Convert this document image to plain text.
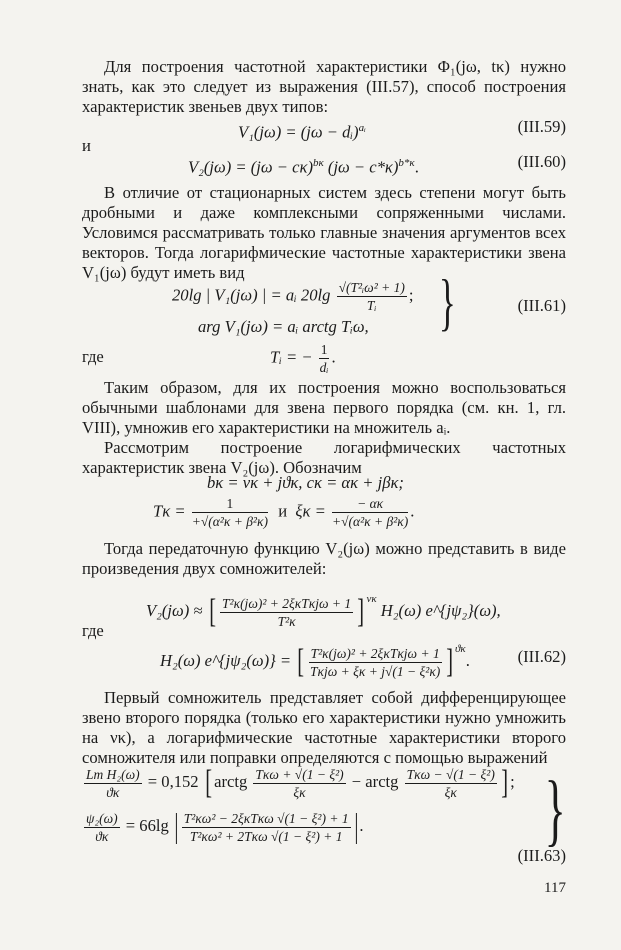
Для построения частотной характеристики Φ₁(jω, tκ) нужно знать, как это следует из выражения (III.57), способ построения характеристик звеньев двух типов:

V₁(jω) = (jω − dᵢ)$^{aᵢ}$	(III.59)
и
$V_2(j\omega) = (j\omega - c\kappa)^{b\kappa}$ $(j\omega - c*\kappa)^{b*\kappa}$.	(III.60)

В отличие от стационарных систем здесь степени могут быть дробными и даже комплексными сопряженными числами. Условимся рассматривать только главные значения аргументов всех векторов. Тогда логарифмические частотные характеристики звена V₁(jω) будут иметь вид

20lg | V₁(jω) | = aᵢ $20\lg \frac{\text{√(T²ᵢω² + 1)}}{\text{Tᵢ}}$ ;
arg V₁(jω) = aᵢ arctg Tᵢω, }	(III.61)
где	Tᵢ = − $\frac{1}{\text{dᵢ}}$ .

Таким образом, для их построения можно воспользоваться обычными шаблонами для звена первого порядка (см. кн. 1, гл. VIII), умножив его характеристики на множитель aᵢ.

Рассмотрим построение логарифмических частотных характеристик звена V₂(jω). Обозначим

bκ = νκ + jϑκ, cκ = ακ + jβκ;
$T\kappa = \frac{1}{\text{+√(α²κ + β²κ)}}$ и $\xi\kappa = \frac{- \alpha\kappa}{\text{+√(α²κ + β²κ)}}$ .

Тогда передаточную функцию V₂(jω) можно представить в виде произведения двух сомножителей:

V₂(jω) ≈ [ $\frac{\text{T²κ(jω)² + 2ξκTκjω + 1}}{\text{T²κ}}$ ] $^{\nu\kappa}$ H₂(ω) e^{jψ₂}(ω),
где
H₂(ω) e^{jψ₂(ω)} = [ $\frac{\text{T²κ(jω)² + 2ξκTκjω + 1}}{\text{Tκjω + ξκ + j√(1 − ξ²κ)}}$ ] $^{ϑ\kappa}$.	(III.62)

Первый сомножитель представляет собой дифференцирующее звено второго порядка (только его характеристики нужно умножить на νκ), а логарифмические частотные характеристики второго сомножителя или поправки определяются с помощью выражений

$\frac{\text{Lm H₂(ω)}}{ϑ\kappa} = 0,152$ [ arctg $\frac{\text{Tκω + √(1 − ξ²)}}{\xi\kappa}$ − arctg $\frac{\text{Tκω − √(1 − ξ²)}}{\xi\kappa}$ ] ;
$\frac{\text{ψ₂(ω)}}{ϑ\kappa} = 66\lg$ | $\frac{\text{T²κω² − 2ξκTκω √(1 − ξ²) + 1}}{\text{T²κω² + 2Tκω √(1 − ξ²) + 1}}$ |. }
(III.63)
117
